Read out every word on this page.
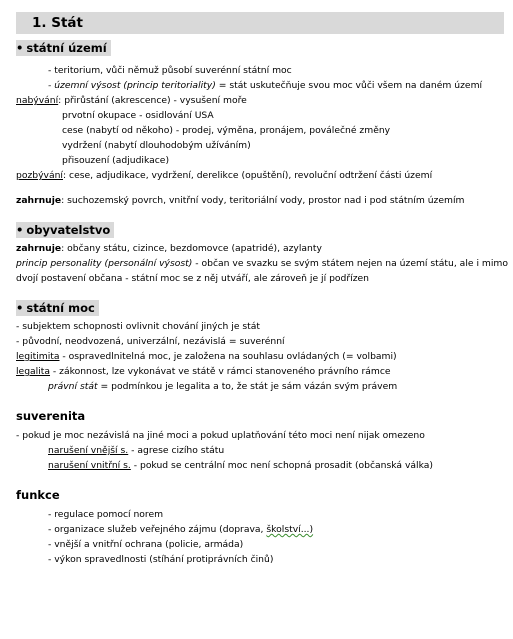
1. Stát
• státní území
- teritorium, vůči němuž působí suverénní státní moc
- územní výsost (princip teritoriality) = stát uskutečňuje svou moc vůči všem na daném území
nabývání: přirůstání (akrescence) - vysušení moře
prvotní okupace - osidlování USA
cese (nabytí od někoho) - prodej, výměna, pronájem, poválečné změny
vydržení (nabytí dlouhodobým užíváním)
přisouzení (adjudikace)
pozbývání: cese, adjudikace, vydržení, derelikce (opuštění), revoluční odtržení části území
zahrnuje: suchozemský povrch, vnitřní vody, teritoriální vody, prostor nad i pod státním územím
• obyvatelstvo
zahrnuje: občany státu, cizince, bezdomovce (apatridé), azylanty
princip personality (personální výsost) - občan ve svazku se svým státem nejen na území státu, ale i mimo
dvojí postavení občana - státní moc se z něj utváří, ale zároveň je jí podřízen
• státní moc
- subjektem schopnosti ovlivnit chování jiných je stát
- původní, neodvozená, univerzální, nezávislá = suverénní
legitimita - ospravedlnitelná moc, je založena na souhlasu ovládaných (= volbami)
legalita - zákonnost, lze vykonávat ve státě v rámci stanoveného právního rámce
právní stát = podmínkou je legalita a to, že stát je sám vázán svým právem
suverenita
- pokud je moc nezávislá na jiné moci a pokud uplatňování této moci není nijak omezeno
narušení vnější s. - agrese cizího státu
narušení vnitřní s. - pokud se centrální moc není schopná prosadit (občanská válka)
funkce
- regulace pomocí norem
- organizace služeb veřejného zájmu (doprava, školství...)
- vnější a vnitřní ochrana (policie, armáda)
- výkon spravedlnosti (stíhání protiprávních činů)
